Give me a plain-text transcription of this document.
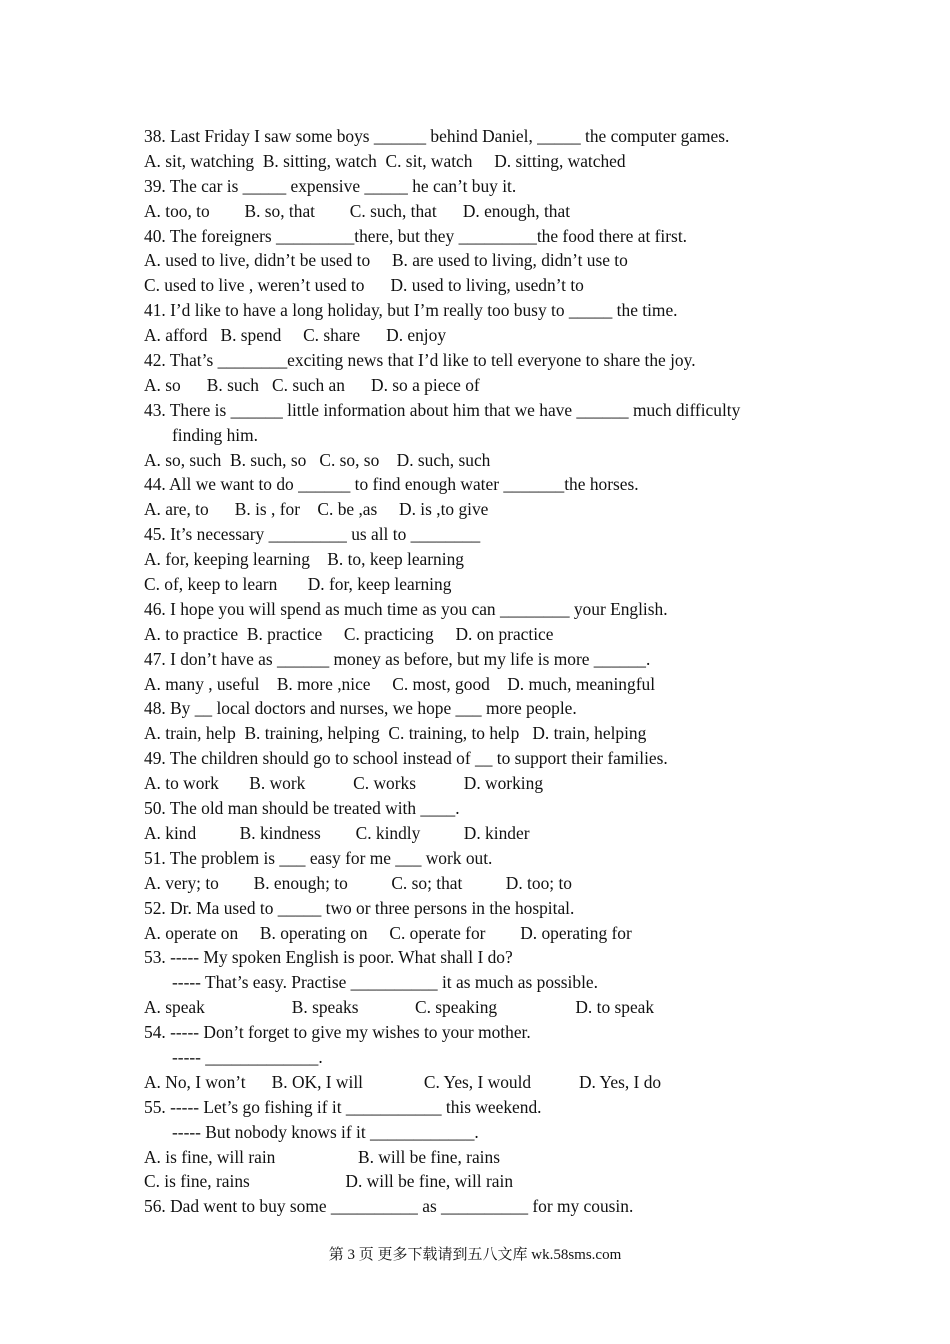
38. Last Friday I saw some boys ______ behind Daniel, _____ the computer games.
A. sit, watching  B. sitting, watch  C. sit, watch     D. sitting, watched
39. The car is _____ expensive _____ he can’t buy it.
A. too, to        B. so, that        C. such, that      D. enough, that
40. The foreigners _________there, but they _________the food there at first.
A. used to live, didn’t be used to     B. are used to living, didn’t use to
C. used to live , weren’t used to      D. used to living, usedn’t to
41. I’d like to have a long holiday, but I’m really too busy to _____ the time.
A. afford   B. spend     C. share      D. enjoy
42. That’s ________exciting news that I’d like to tell everyone to share the joy.
A. so      B. such   C. such an      D. so a piece of
43. There is ______ little information about him that we have ______ much difficulty
finding him.
A. so, such  B. such, so   C. so, so    D. such, such
44. All we want to do ______ to find enough water _______the horses.
A. are, to      B. is , for    C. be ,as     D. is ,to give
45. It’s necessary _________ us all to ________
A. for, keeping learning    B. to, keep learning
C. of, keep to learn       D. for, keep learning
46. I hope you will spend as much time as you can ________ your English.
A. to practice  B. practice     C. practicing     D. on practice
47. I don’t have as ______ money as before, but my life is more ______.
A. many , useful    B. more ,nice     C. most, good    D. much, meaningful
48. By __ local doctors and nurses, we hope ___ more people.
A. train, help  B. training, helping  C. training, to help   D. train, helping
49. The children should go to school instead of __ to support their families.
A. to work       B. work           C. works           D. working
50. The old man should be treated with ____.
A. kind          B. kindness        C. kindly          D. kinder
51. The problem is ___ easy for me ___ work out.
A. very; to        B. enough; to          C. so; that          D. too; to
52. Dr. Ma used to _____ two or three persons in the hospital.
A. operate on     B. operating on     C. operate for        D. operating for
53. ----- My spoken English is poor. What shall I do?
----- That’s easy. Practise __________ it as much as possible.
A. speak                    B. speaks             C. speaking                  D. to speak
54. ----- Don’t forget to give my wishes to your mother.
----- _____________.
A. No, I won’t      B. OK, I will              C. Yes, I would           D. Yes, I do
55. ----- Let’s go fishing if it ___________ this weekend.
----- But nobody knows if it ____________.
A. is fine, will rain                   B. will be fine, rains
C. is fine, rains                      D. will be fine, will rain
56. Dad went to buy some __________ as __________ for my cousin.
第 3 页 更多下载请到五八文库 wk.58sms.com
